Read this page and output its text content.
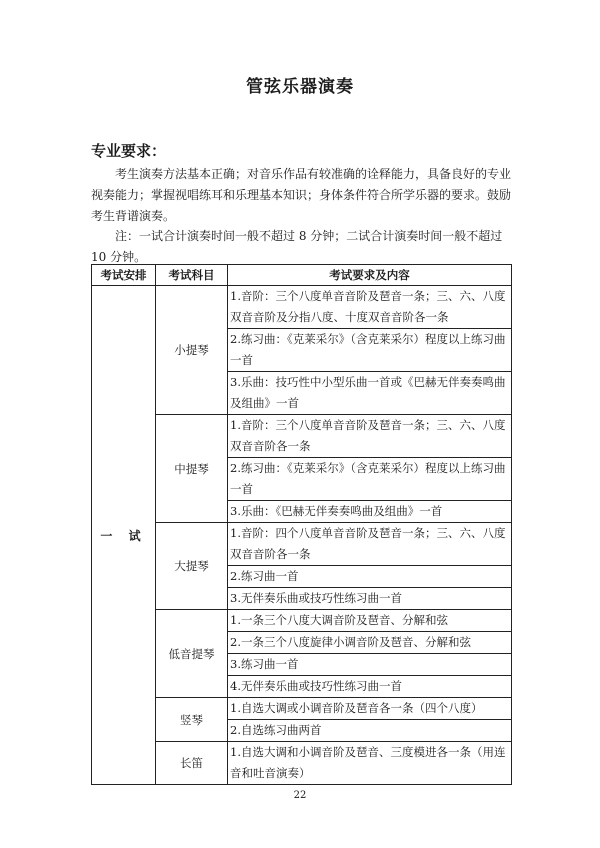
管弦乐器演奏
专业要求：

考生演奏方法基本正确；对音乐作品有较准确的诠释能力，具备良好的专业视奏能力；掌握视唱练耳和乐理基本知识；身体条件符合所学乐器的要求。鼓励考生背谱演奏。

注：一试合计演奏时间一般不超过 8 分钟；二试合计演奏时间一般不超过 10 分钟。

考试安排	考试科目	考试要求及内容
一 试	小提琴	1.音阶：三个八度单音音阶及琶音一条；三、六、八度双音音阶及分指八度、十度双音音阶各一条
		2.练习曲：《克莱采尔》（含克莱采尔）程度以上练习曲一首
		3.乐曲：技巧性中小型乐曲一首或《巴赫无伴奏奏鸣曲及组曲》一首
	中提琴	1.音阶：三个八度单音音阶及琶音一条；三、六、八度双音音阶各一条
		2.练习曲：《克莱采尔》（含克莱采尔）程度以上练习曲一首
		3.乐曲：《巴赫无伴奏奏鸣曲及组曲》一首
	大提琴	1.音阶：四个八度单音音阶及琶音一条；三、六、八度双音音阶各一条
		2.练习曲一首
		3.无伴奏乐曲或技巧性练习曲一首
	低音提琴	1.一条三个八度大调音阶及琶音、分解和弦
		2.一条三个八度旋律小调音阶及琶音、分解和弦
		3.练习曲一首
		4.无伴奏乐曲或技巧性练习曲一首
	竖琴	1.自选大调或小调音阶及琶音各一条（四个八度）
		2.自选练习曲两首
	长笛	1.自选大调和小调音阶及琶音、三度模进各一条（用连音和吐音演奏）
22
